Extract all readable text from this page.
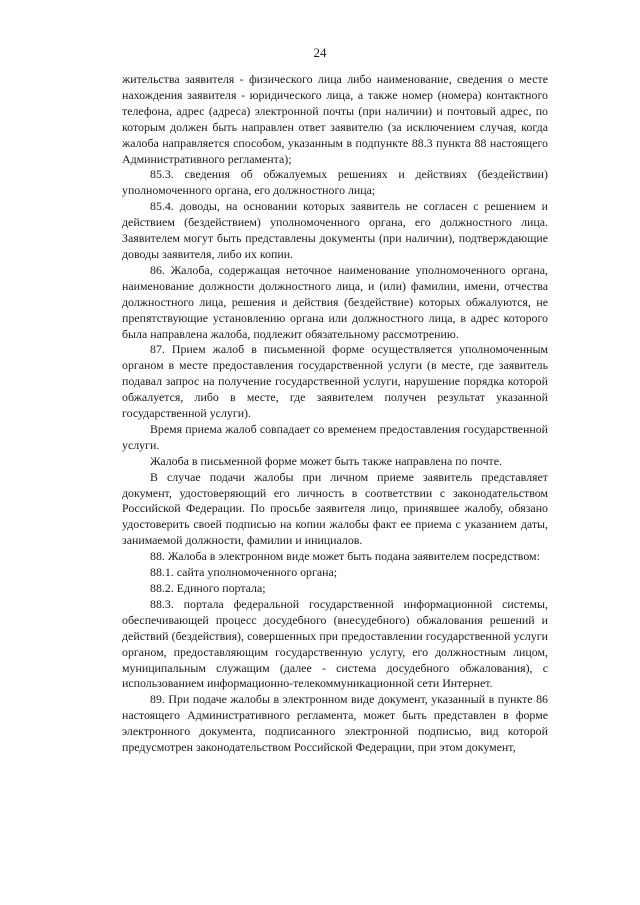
24

жительства заявителя - физического лица либо наименование, сведения о месте нахождения заявителя - юридического лица, а также номер (номера) контактного телефона, адрес (адреса) электронной почты (при наличии) и почтовый адрес, по которым должен быть направлен ответ заявителю (за исключением случая, когда жалоба направляется способом, указанным в подпункте 88.3 пункта 88 настоящего Административного регламента);

85.3. сведения об обжалуемых решениях и действиях (бездействии) уполномоченного органа, его должностного лица;

85.4. доводы, на основании которых заявитель не согласен с решением и действием (бездействием) уполномоченного органа, его должностного лица. Заявителем могут быть представлены документы (при наличии), подтверждающие доводы заявителя, либо их копии.

86. Жалоба, содержащая неточное наименование уполномоченного органа, наименование должности должностного лица, и (или) фамилии, имени, отчества должностного лица, решения и действия (бездействие) которых обжалуются, не препятствующие установлению органа или должностного лица, в адрес которого была направлена жалоба, подлежит обязательному рассмотрению.

87. Прием жалоб в письменной форме осуществляется уполномоченным органом в месте предоставления государственной услуги (в месте, где заявитель подавал запрос на получение государственной услуги, нарушение порядка которой обжалуется, либо в месте, где заявителем получен результат указанной государственной услуги).

Время приема жалоб совпадает со временем предоставления государственной услуги.

Жалоба в письменной форме может быть также направлена по почте.

В случае подачи жалобы при личном приеме заявитель представляет документ, удостоверяющий его личность в соответствии с законодательством Российской Федерации. По просьбе заявителя лицо, принявшее жалобу, обязано удостоверить своей подписью на копии жалобы факт ее приема с указанием даты, занимаемой должности, фамилии и инициалов.

88. Жалоба в электронном виде может быть подана заявителем посредством:

88.1. сайта уполномоченного органа;

88.2. Единого портала;

88.3. портала федеральной государственной информационной системы, обеспечивающей процесс досудебного (внесудебного) обжалования решений и действий (бездействия), совершенных при предоставлении государственной услуги органом, предоставляющим государственную услугу, его должностным лицом, муниципальным служащим (далее - система досудебного обжалования), с использованием информационно-телекоммуникационной сети Интернет.

89. При подаче жалобы в электронном виде документ, указанный в пункте 86 настоящего Административного регламента, может быть представлен в форме электронного документа, подписанного электронной подписью, вид которой предусмотрен законодательством Российской Федерации, при этом документ,
